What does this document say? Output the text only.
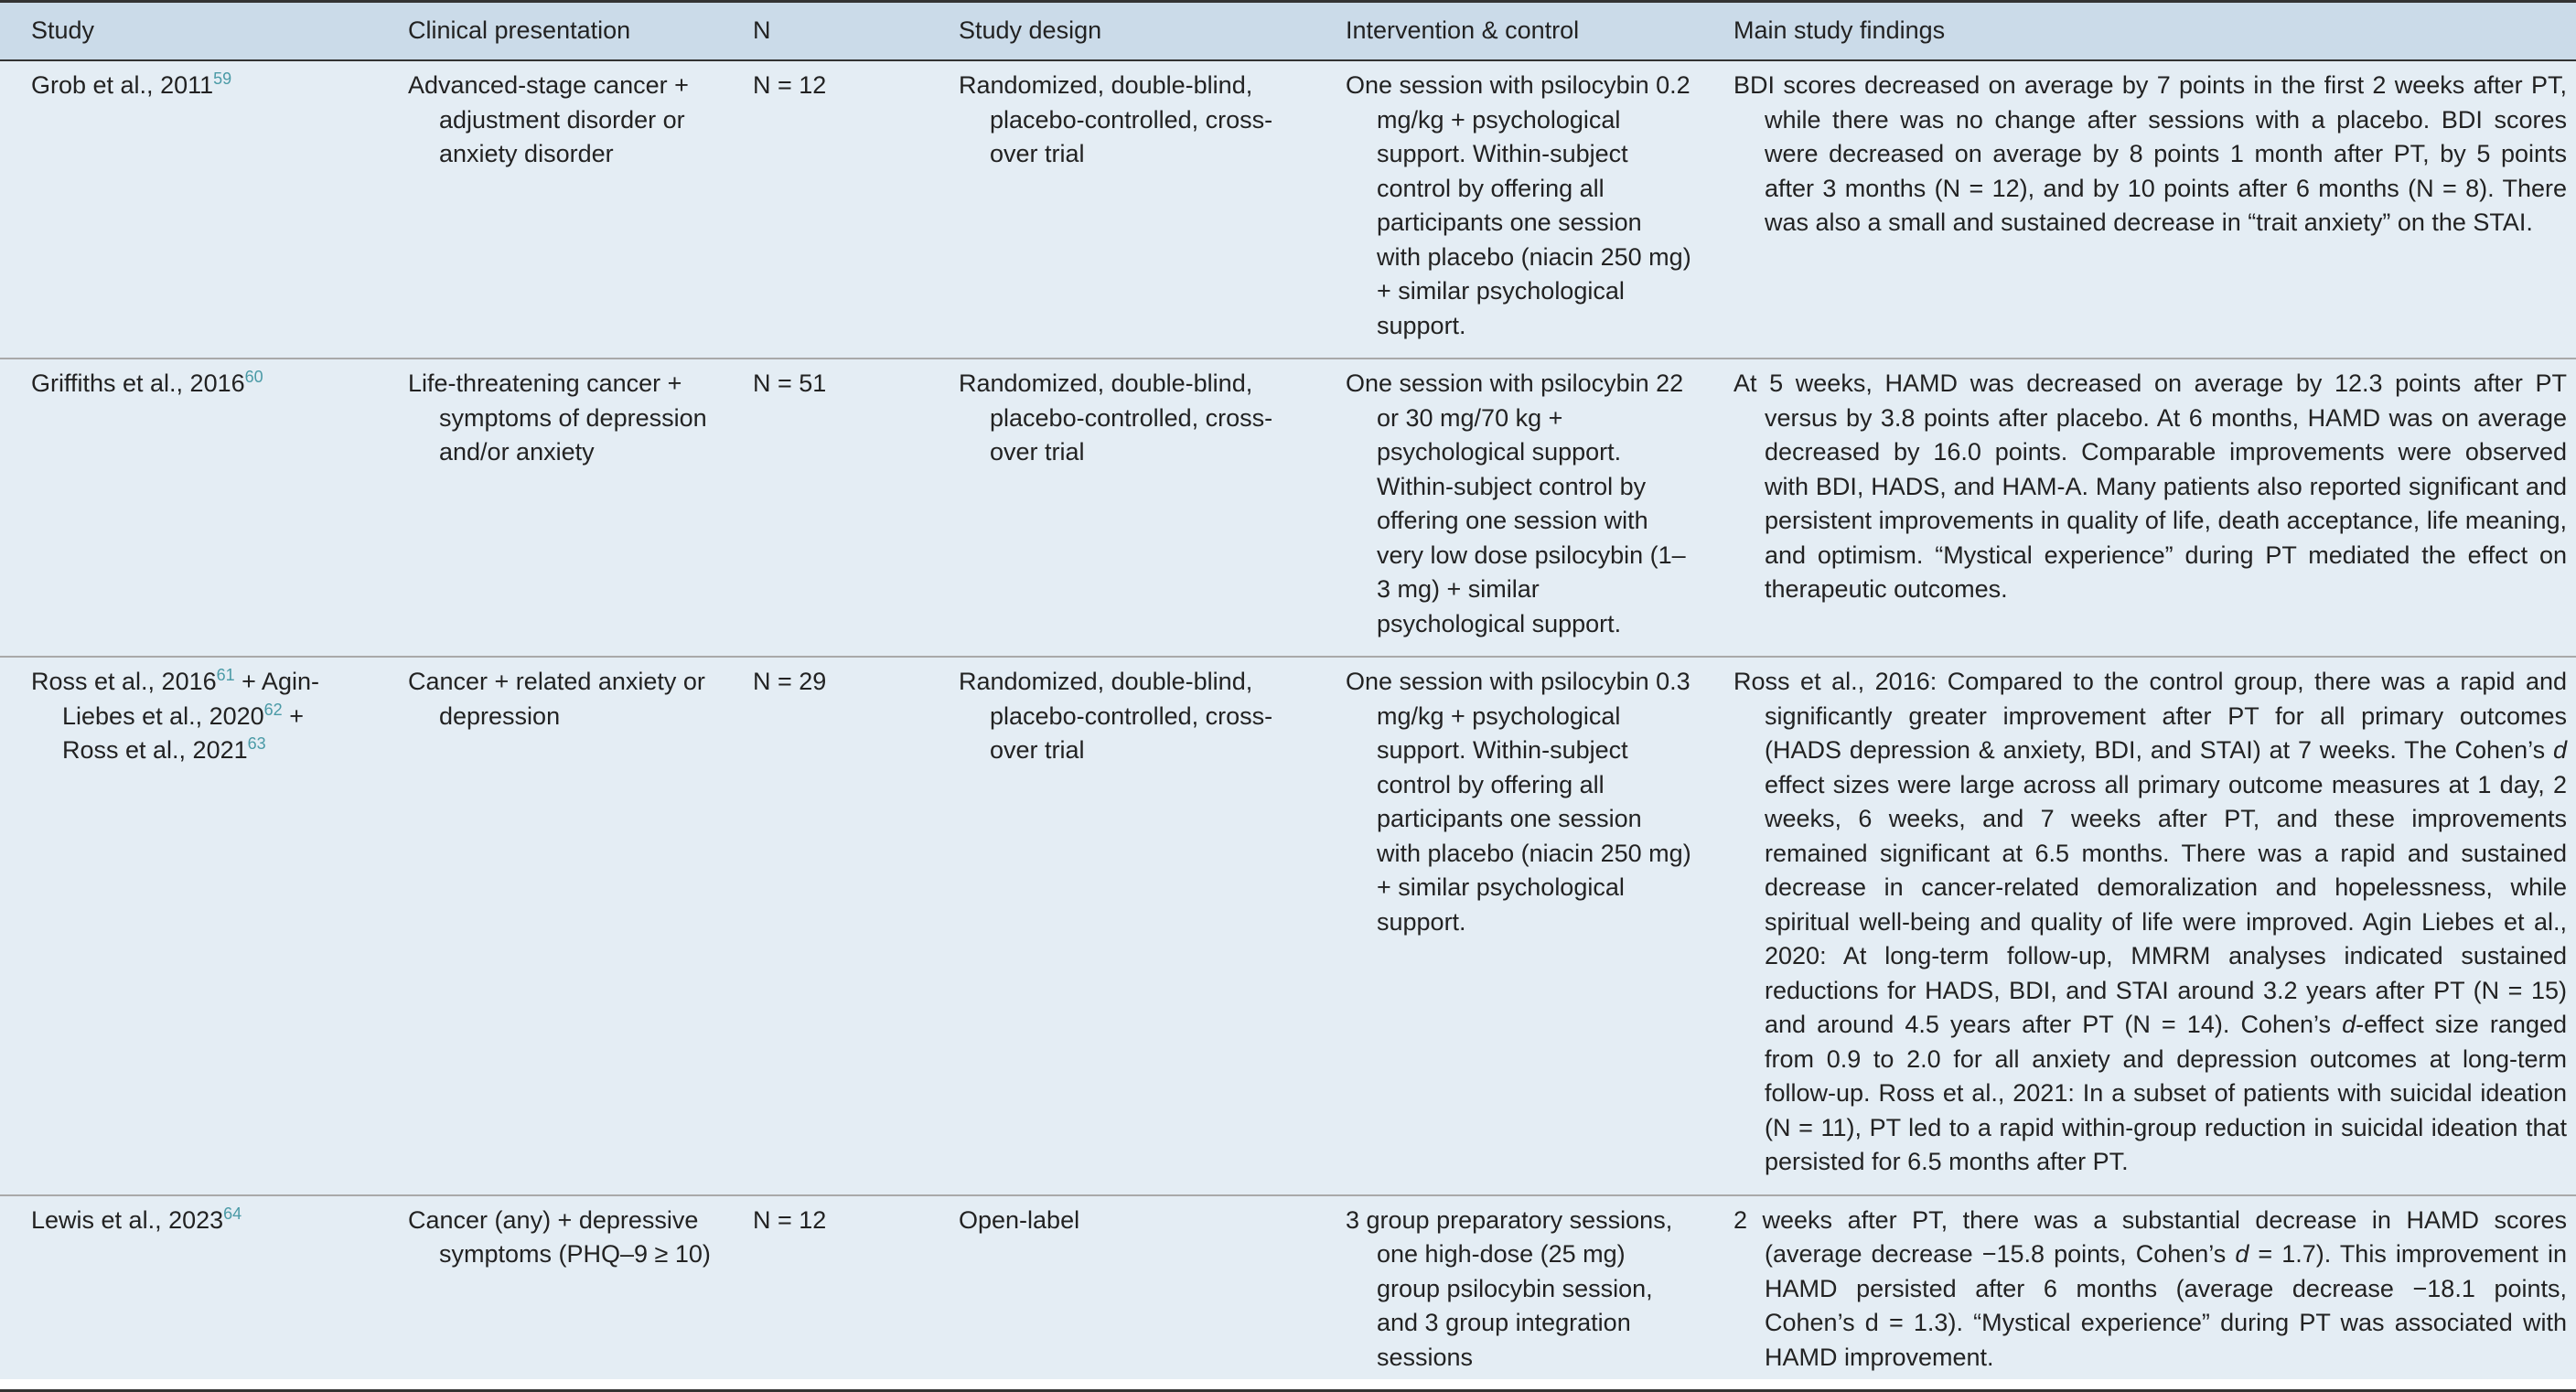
Study	Clinical presentation	N	Study design	Intervention & control	Main study findings

Grob et al., 2011$^{59}$	Advanced-stage cancer + adjustment disorder or anxiety disorder	N = 12	Randomized, double-blind, placebo-controlled, cross-over trial	One session with psilocybin 0.2 mg/kg + psychological support. Within-subject control by offering all participants one session with placebo (niacin 250 mg) + similar psychological support.	BDI scores decreased on average by 7 points in the first 2 weeks after PT, while there was no change after sessions with a placebo. BDI scores were decreased on average by 8 points 1 month after PT, by 5 points after 3 months (N = 12), and by 10 points after 6 months (N = 8). There was also a small and sustained decrease in “trait anxiety” on the STAI.

Griffiths et al., 2016$^{60}$	Life-threatening cancer + symptoms of depression and/or anxiety	N = 51	Randomized, double-blind, placebo-controlled, cross-over trial	One session with psilocybin 22 or 30 mg/70 kg + psychological support. Within-subject control by offering one session with very low dose psilocybin (1–3 mg) + similar psychological support.	At 5 weeks, HAMD was decreased on average by 12.3 points after PT versus by 3.8 points after placebo. At 6 months, HAMD was on average decreased by 16.0 points. Comparable improvements were observed with BDI, HADS, and HAM-A. Many patients also reported significant and persistent improvements in quality of life, death acceptance, life meaning, and optimism. “Mystical experience” during PT mediated the effect on therapeutic outcomes.

Ross et al., 2016$^{61}$ + Agin-Liebes et al., 2020$^{62}$ + Ross et al., 2021$^{63}$	Cancer + related anxiety or depression	N = 29	Randomized, double-blind, placebo-controlled, cross-over trial	One session with psilocybin 0.3 mg/kg + psychological support. Within-subject control by offering all participants one session with placebo (niacin 250 mg) + similar psychological support.	Ross et al., 2016: Compared to the control group, there was a rapid and significantly greater improvement after PT for all primary outcomes (HADS depression & anxiety, BDI, and STAI) at 7 weeks. The Cohen’s d effect sizes were large across all primary outcome measures at 1 day, 2 weeks, 6 weeks, and 7 weeks after PT, and these improvements remained significant at 6.5 months. There was a rapid and sustained decrease in cancer-related demoralization and hopelessness, while spiritual well-being and quality of life were improved. Agin Liebes et al., 2020: At long-term follow-up, MMRM analyses indicated sustained reductions for HADS, BDI, and STAI around 3.2 years after PT (N = 15) and around 4.5 years after PT (N = 14). Cohen’s d-effect size ranged from 0.9 to 2.0 for all anxiety and depression outcomes at long-term follow-up. Ross et al., 2021: In a subset of patients with suicidal ideation (N = 11), PT led to a rapid within-group reduction in suicidal ideation that persisted for 6.5 months after PT.

Lewis et al., 2023$^{64}$	Cancer (any) + depressive symptoms (PHQ–9 ≥ 10)	N = 12	Open-label	3 group preparatory sessions, one high-dose (25 mg) group psilocybin session, and 3 group integration sessions	2 weeks after PT, there was a substantial decrease in HAMD scores (average decrease −15.8 points, Cohen’s d = 1.7). This improvement in HAMD persisted after 6 months (average decrease −18.1 points, Cohen’s d = 1.3). “Mystical experience” during PT was associated with HAMD improvement.
